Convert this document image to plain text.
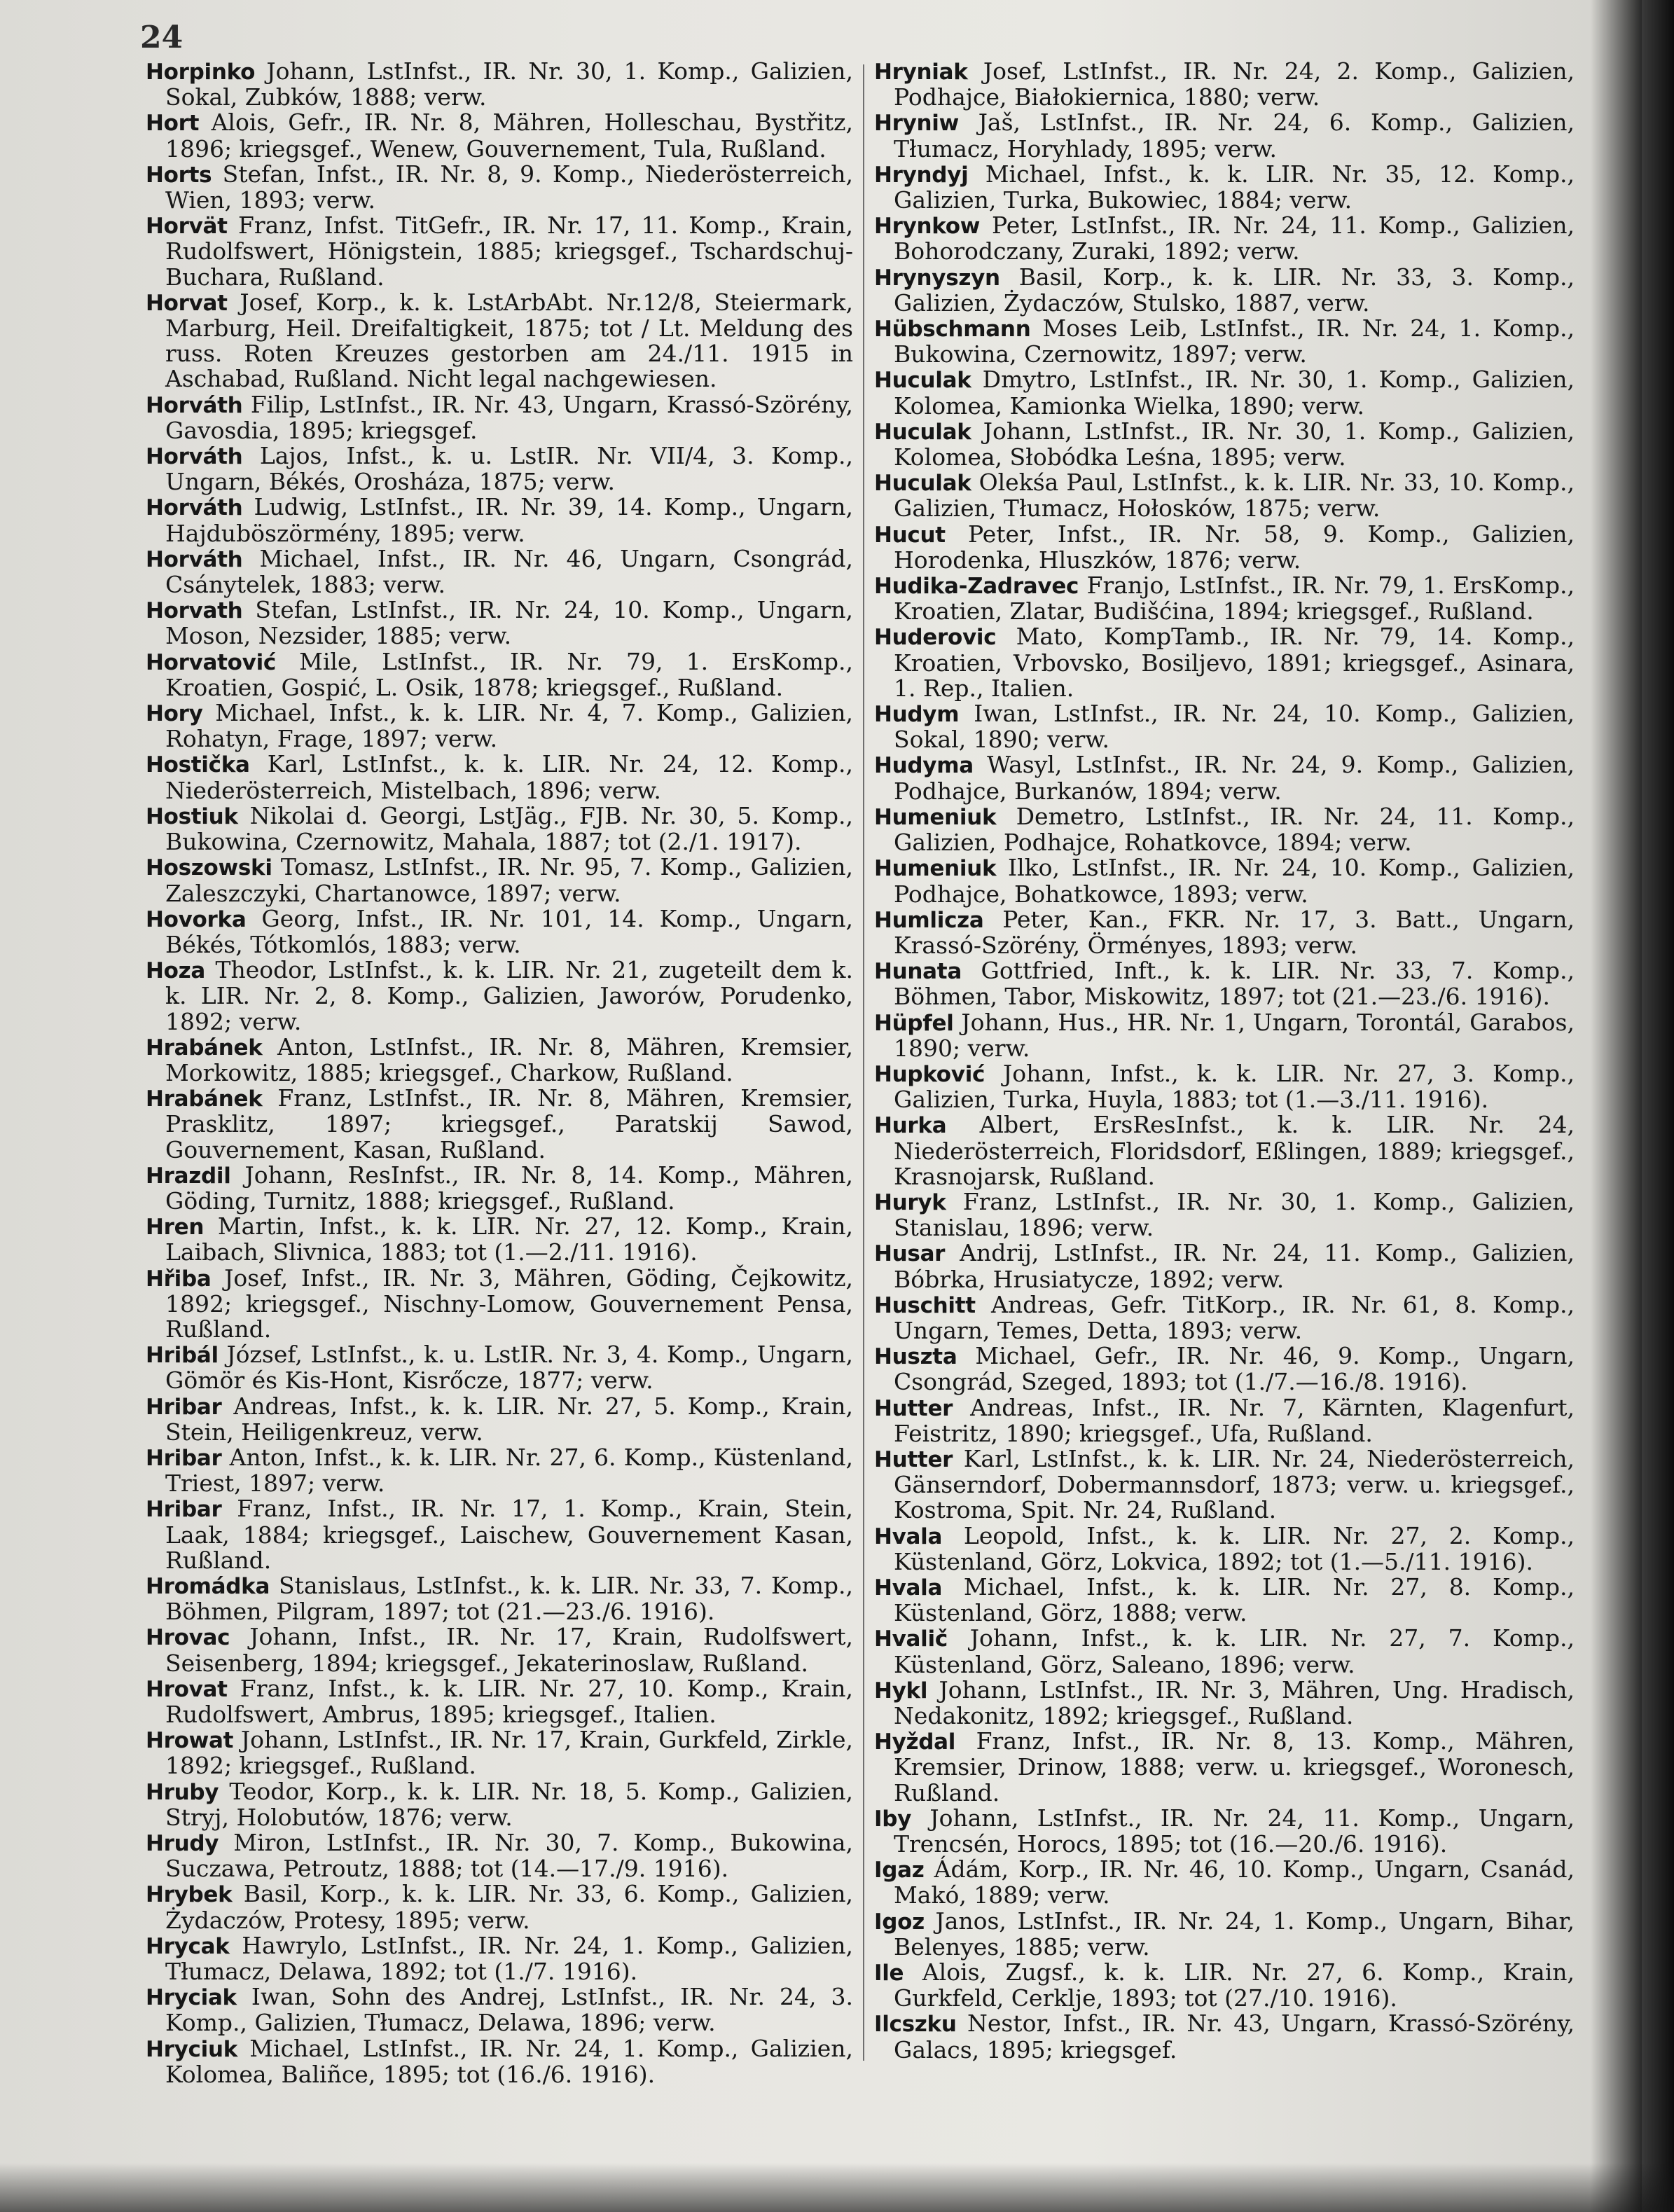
24

Horpinko Johann, LstInfst., IR. Nr. 30, 1. Komp., Galizien, Sokal, Zubków, 1888; verw.

Hort Alois, Gefr., IR. Nr. 8, Mähren, Holleschau, Bystřitz, 1896; kriegsgef., Wenew, Gouvernement, Tula, Rußland.

Horts Stefan, Infst., IR. Nr. 8, 9. Komp., Niederösterreich, Wien, 1893; verw.

Horvät Franz, Infst. TitGefr., IR. Nr. 17, 11. Komp., Krain, Rudolfswert, Hönigstein, 1885; kriegsgef., Tschardschuj-Buchara, Rußland.

Horvat Josef, Korp., k. k. LstArbAbt. Nr.12/8, Steiermark, Marburg, Heil. Dreifaltigkeit, 1875; tot / Lt. Meldung des russ. Roten Kreuzes gestorben am 24./11. 1915 in Aschabad, Rußland. Nicht legal nachgewiesen.

Horváth Filip, LstInfst., IR. Nr. 43, Ungarn, Krassó-Szörény, Gavosdia, 1895; kriegsgef.

Horváth Lajos, Infst., k. u. LstIR. Nr. VII/4, 3. Komp., Ungarn, Békés, Orosháza, 1875; verw.

Horváth Ludwig, LstInfst., IR. Nr. 39, 14. Komp., Ungarn, Hajduböszörmény, 1895; verw.

Horváth Michael, Infst., IR. Nr. 46, Ungarn, Csongrád, Csánytelek, 1883; verw.

Horvath Stefan, LstInfst., IR. Nr. 24, 10. Komp., Ungarn, Moson, Nezsider, 1885; verw.

Horvatović Mile, LstInfst., IR. Nr. 79, 1. ErsKomp., Kroatien, Gospić, L. Osik, 1878; kriegsgef., Rußland.

Hory Michael, Infst., k. k. LIR. Nr. 4, 7. Komp., Galizien, Rohatyn, Frage, 1897; verw.

Hostička Karl, LstInfst., k. k. LIR. Nr. 24, 12. Komp., Niederösterreich, Mistelbach, 1896; verw.

Hostiuk Nikolai d. Georgi, LstJäg., FJB. Nr. 30, 5. Komp., Bukowina, Czernowitz, Mahala, 1887; tot (2./1. 1917).

Hoszowski Tomasz, LstInfst., IR. Nr. 95, 7. Komp., Galizien, Zaleszczyki, Chartanowce, 1897; verw.

Hovorka Georg, Infst., IR. Nr. 101, 14. Komp., Ungarn, Békés, Tótkomlós, 1883; verw.

Hoza Theodor, LstInfst., k. k. LIR. Nr. 21, zugeteilt dem k. k. LIR. Nr. 2, 8. Komp., Galizien, Jaworów, Porudenko, 1892; verw.

Hrabánek Anton, LstInfst., IR. Nr. 8, Mähren, Kremsier, Morkowitz, 1885; kriegsgef., Charkow, Rußland.

Hrabánek Franz, LstInfst., IR. Nr. 8, Mähren, Kremsier, Prasklitz, 1897; kriegsgef., Paratskij Sawod, Gouvernement, Kasan, Rußland.

Hrazdil Johann, ResInfst., IR. Nr. 8, 14. Komp., Mähren, Göding, Turnitz, 1888; kriegsgef., Rußland.

Hren Martin, Infst., k. k. LIR. Nr. 27, 12. Komp., Krain, Laibach, Slivnica, 1883; tot (1.—2./11. 1916).

Hřiba Josef, Infst., IR. Nr. 3, Mähren, Göding, Čejkowitz, 1892; kriegsgef., Nischny-Lomow, Gouvernement Pensa, Rußland.

Hribál József, LstInfst., k. u. LstIR. Nr. 3, 4. Komp., Ungarn, Gömör és Kis-Hont, Kisrőcze, 1877; verw.

Hribar Andreas, Infst., k. k. LIR. Nr. 27, 5. Komp., Krain, Stein, Heiligenkreuz, verw.

Hribar Anton, Infst., k. k. LIR. Nr. 27, 6. Komp., Küstenland, Triest, 1897; verw.

Hribar Franz, Infst., IR. Nr. 17, 1. Komp., Krain, Stein, Laak, 1884; kriegsgef., Laischew, Gouvernement Kasan, Rußland.

Hromádka Stanislaus, LstInfst., k. k. LIR. Nr. 33, 7. Komp., Böhmen, Pilgram, 1897; tot (21.—23./6. 1916).

Hrovac Johann, Infst., IR. Nr. 17, Krain, Rudolfswert, Seisenberg, 1894; kriegsgef., Jekaterinoslaw, Rußland.

Hrovat Franz, Infst., k. k. LIR. Nr. 27, 10. Komp., Krain, Rudolfswert, Ambrus, 1895; kriegsgef., Italien.

Hrowat Johann, LstInfst., IR. Nr. 17, Krain, Gurkfeld, Zirkle, 1892; kriegsgef., Rußland.

Hruby Teodor, Korp., k. k. LIR. Nr. 18, 5. Komp., Galizien, Stryj, Holobutów, 1876; verw.

Hrudy Miron, LstInfst., IR. Nr. 30, 7. Komp., Bukowina, Suczawa, Petroutz, 1888; tot (14.—17./9. 1916).

Hrybek Basil, Korp., k. k. LIR. Nr. 33, 6. Komp., Galizien, Żydaczów, Protesy, 1895; verw.

Hrycak Hawrylo, LstInfst., IR. Nr. 24, 1. Komp., Galizien, Tłumacz, Delawa, 1892; tot (1./7. 1916).

Hryciak Iwan, Sohn des Andrej, LstInfst., IR. Nr. 24, 3. Komp., Galizien, Tłumacz, Delawa, 1896; verw.

Hryciuk Michael, LstInfst., IR. Nr. 24, 1. Komp., Galizien, Kolomea, Baliñce, 1895; tot (16./6. 1916).

Hryniak Josef, LstInfst., IR. Nr. 24, 2. Komp., Galizien, Podhajce, Białokiernica, 1880; verw.

Hryniw Jaš, LstInfst., IR. Nr. 24, 6. Komp., Galizien, Tłumacz, Horyhlady, 1895; verw.

Hryndyj Michael, Infst., k. k. LIR. Nr. 35, 12. Komp., Galizien, Turka, Bukowiec, 1884; verw.

Hrynkow Peter, LstInfst., IR. Nr. 24, 11. Komp., Galizien, Bohorodczany, Zuraki, 1892; verw.

Hrynyszyn Basil, Korp., k. k. LIR. Nr. 33, 3. Komp., Galizien, Żydaczów, Stulsko, 1887, verw.

Hübschmann Moses Leib, LstInfst., IR. Nr. 24, 1. Komp., Bukowina, Czernowitz, 1897; verw.

Huculak Dmytro, LstInfst., IR. Nr. 30, 1. Komp., Galizien, Kolomea, Kamionka Wielka, 1890; verw.

Huculak Johann, LstInfst., IR. Nr. 30, 1. Komp., Galizien, Kolomea, Słobódka Leśna, 1895; verw.

Huculak Olekśa Paul, LstInfst., k. k. LIR. Nr. 33, 10. Komp., Galizien, Tłumacz, Hołosków, 1875; verw.

Hucut Peter, Infst., IR. Nr. 58, 9. Komp., Galizien, Horodenka, Hluszków, 1876; verw.

Hudika-Zadravec Franjo, LstInfst., IR. Nr. 79, 1. ErsKomp., Kroatien, Zlatar, Budišćina, 1894; kriegsgef., Rußland.

Huderovic Mato, KompTamb., IR. Nr. 79, 14. Komp., Kroatien, Vrbovsko, Bosiljevo, 1891; kriegsgef., Asinara, 1. Rep., Italien.

Hudym Iwan, LstInfst., IR. Nr. 24, 10. Komp., Galizien, Sokal, 1890; verw.

Hudyma Wasyl, LstInfst., IR. Nr. 24, 9. Komp., Galizien, Podhajce, Burkanów, 1894; verw.

Humeniuk Demetro, LstInfst., IR. Nr. 24, 11. Komp., Galizien, Podhajce, Rohatkovce, 1894; verw.

Humeniuk Ilko, LstInfst., IR. Nr. 24, 10. Komp., Galizien, Podhajce, Bohatkowce, 1893; verw.

Humlicza Peter, Kan., FKR. Nr. 17, 3. Batt., Ungarn, Krassó-Szörény, Örményes, 1893; verw.

Hunata Gottfried, Inft., k. k. LIR. Nr. 33, 7. Komp., Böhmen, Tabor, Miskowitz, 1897; tot (21.—23./6. 1916).

Hüpfel Johann, Hus., HR. Nr. 1, Ungarn, Torontál, Garabos, 1890; verw.

Hupković Johann, Infst., k. k. LIR. Nr. 27, 3. Komp., Galizien, Turka, Huyla, 1883; tot (1.—3./11. 1916).

Hurka Albert, ErsResInfst., k. k. LIR. Nr. 24, Niederösterreich, Floridsdorf, Eßlingen, 1889; kriegsgef., Krasnojarsk, Rußland.

Huryk Franz, LstInfst., IR. Nr. 30, 1. Komp., Galizien, Stanislau, 1896; verw.

Husar Andrij, LstInfst., IR. Nr. 24, 11. Komp., Galizien, Bóbrka, Hrusiatycze, 1892; verw.

Huschitt Andreas, Gefr. TitKorp., IR. Nr. 61, 8. Komp., Ungarn, Temes, Detta, 1893; verw.

Huszta Michael, Gefr., IR. Nr. 46, 9. Komp., Ungarn, Csongrád, Szeged, 1893; tot (1./7.—16./8. 1916).

Hutter Andreas, Infst., IR. Nr. 7, Kärnten, Klagenfurt, Feistritz, 1890; kriegsgef., Ufa, Rußland.

Hutter Karl, LstInfst., k. k. LIR. Nr. 24, Niederösterreich, Gänserndorf, Dobermannsdorf, 1873; verw. u. kriegsgef., Kostroma, Spit. Nr. 24, Rußland.

Hvala Leopold, Infst., k. k. LIR. Nr. 27, 2. Komp., Küstenland, Görz, Lokvica, 1892; tot (1.—5./11. 1916).

Hvala Michael, Infst., k. k. LIR. Nr. 27, 8. Komp., Küstenland, Görz, 1888; verw.

Hvalič Johann, Infst., k. k. LIR. Nr. 27, 7. Komp., Küstenland, Görz, Saleano, 1896; verw.

Hykl Johann, LstInfst., IR. Nr. 3, Mähren, Ung. Hradisch, Nedakonitz, 1892; kriegsgef., Rußland.

Hyždal Franz, Infst., IR. Nr. 8, 13. Komp., Mähren, Kremsier, Drinow, 1888; verw. u. kriegsgef., Woronesch, Rußland.

Iby Johann, LstInfst., IR. Nr. 24, 11. Komp., Ungarn, Trencsén, Horocs, 1895; tot (16.—20./6. 1916).

Igaz Ádám, Korp., IR. Nr. 46, 10. Komp., Ungarn, Csanád, Makó, 1889; verw.

Igoz Janos, LstInfst., IR. Nr. 24, 1. Komp., Ungarn, Bihar, Belenyes, 1885; verw.

Ile Alois, Zugsf., k. k. LIR. Nr. 27, 6. Komp., Krain, Gurkfeld, Cerklje, 1893; tot (27./10. 1916).

Ilcszku Nestor, Infst., IR. Nr. 43, Ungarn, Krassó-Szörény, Galacs, 1895; kriegsgef.
